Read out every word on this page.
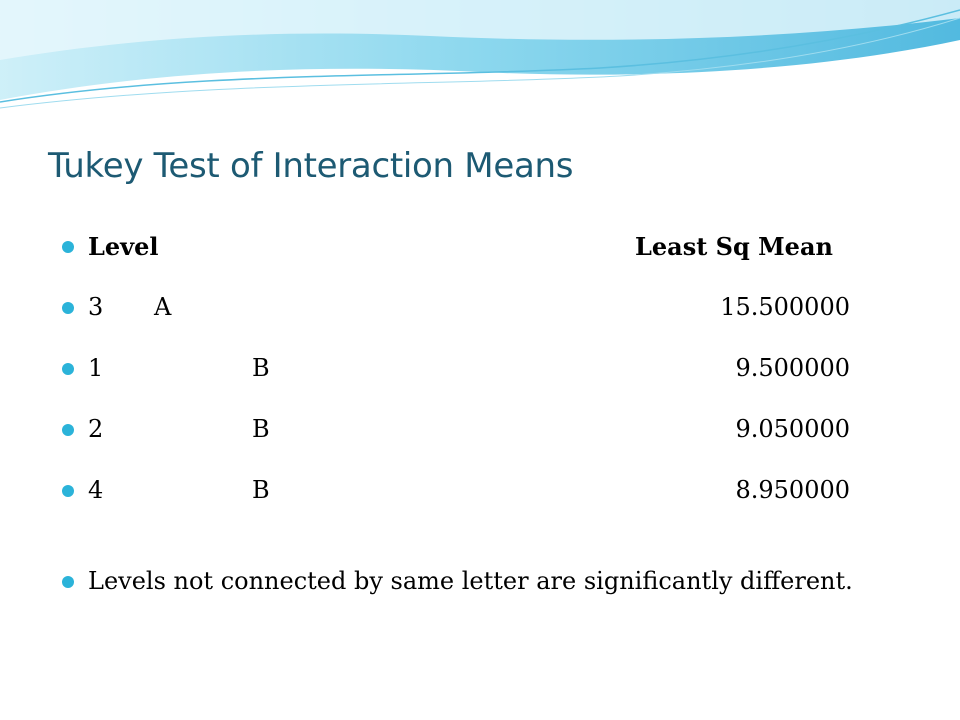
Tukey Test of Interaction Means
Level	Least Sq Mean
3 A	15.500000
1	B	9.500000
2	B	9.050000
4	B	8.950000
Levels not connected by same letter are significantly different.
